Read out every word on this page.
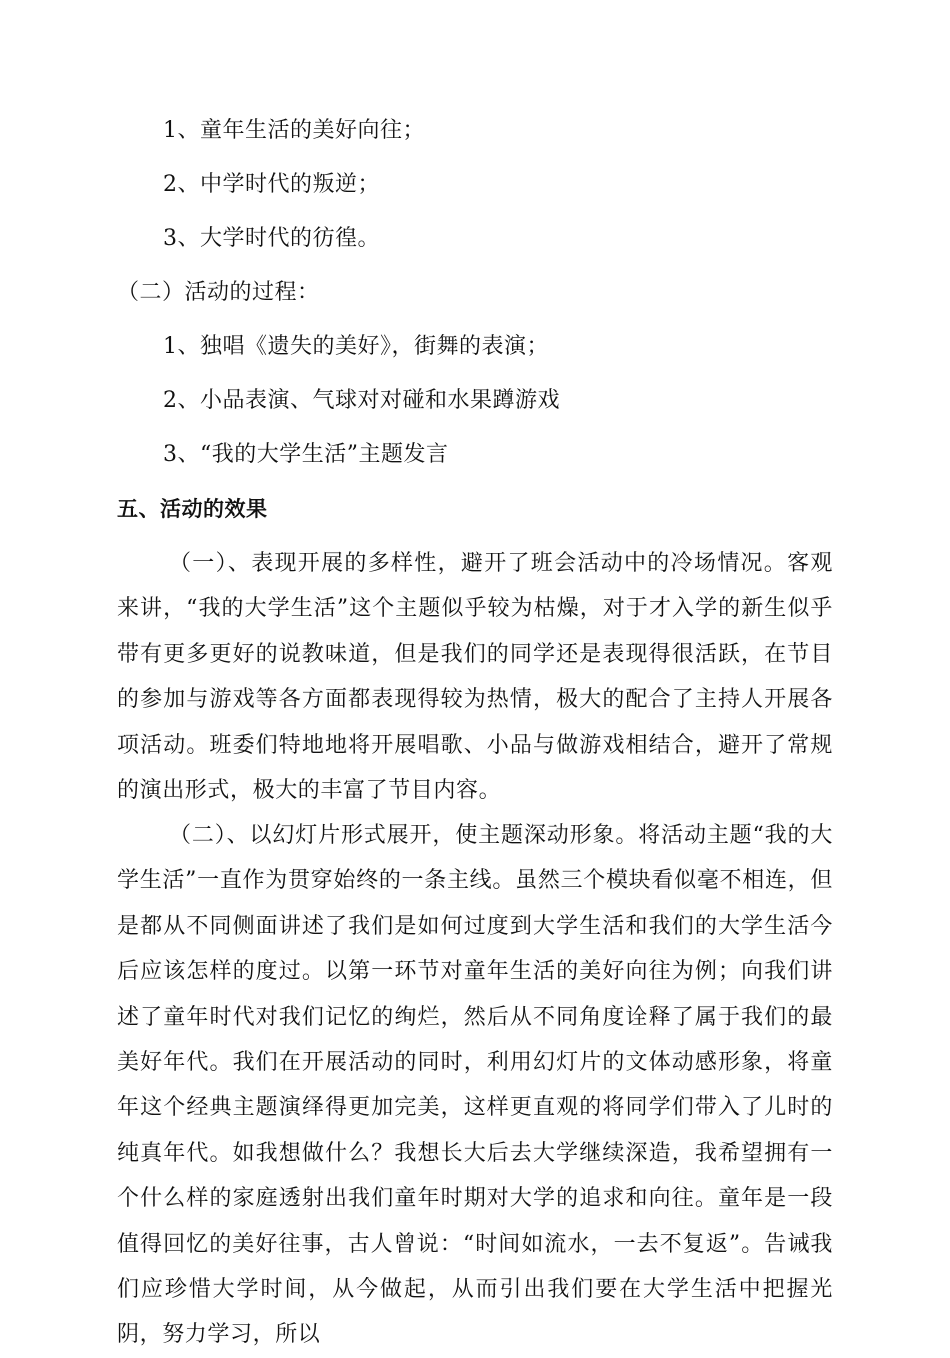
1、童年生活的美好向往；
2、中学时代的叛逆；
3、大学时代的彷徨。
（二）活动的过程：
1、独唱《遗失的美好》，街舞的表演；
2、小品表演、气球对对碰和水果蹲游戏
3、“我的大学生活”主题发言
五、活动的效果
（一）、表现开展的多样性，避开了班会活动中的冷场情况。客观来讲，“我的大学生活”这个主题似乎较为枯燥，对于才入学的新生似乎带有更多更好的说教味道，但是我们的同学还是表现得很活跃，在节目的参加与游戏等各方面都表现得较为热情，极大的配合了主持人开展各项活动。班委们特地地将开展唱歌、小品与做游戏相结合，避开了常规的演出形式，极大的丰富了节目内容。
（二）、以幻灯片形式展开，使主题深动形象。将活动主题“我的大学生活”一直作为贯穿始终的一条主线。虽然三个模块看似毫不相连，但是都从不同侧面讲述了我们是如何过度到大学生活和我们的大学生活今后应该怎样的度过。以第一环节对童年生活的美好向往为例；向我们讲述了童年时代对我们记忆的绚烂，然后从不同角度诠释了属于我们的最美好年代。我们在开展活动的同时，利用幻灯片的文体动感形象，将童年这个经典主题演绎得更加完美，这样更直观的将同学们带入了儿时的纯真年代。如我想做什么？我想长大后去大学继续深造，我希望拥有一个什么样的家庭透射出我们童年时期对大学的追求和向往。童年是一段值得回忆的美好往事，古人曾说：“时间如流水，一去不复返”。告诫我们应珍惜大学时间，从今做起，从而引出我们要在大学生活中把握光阴，努力学习，所以
